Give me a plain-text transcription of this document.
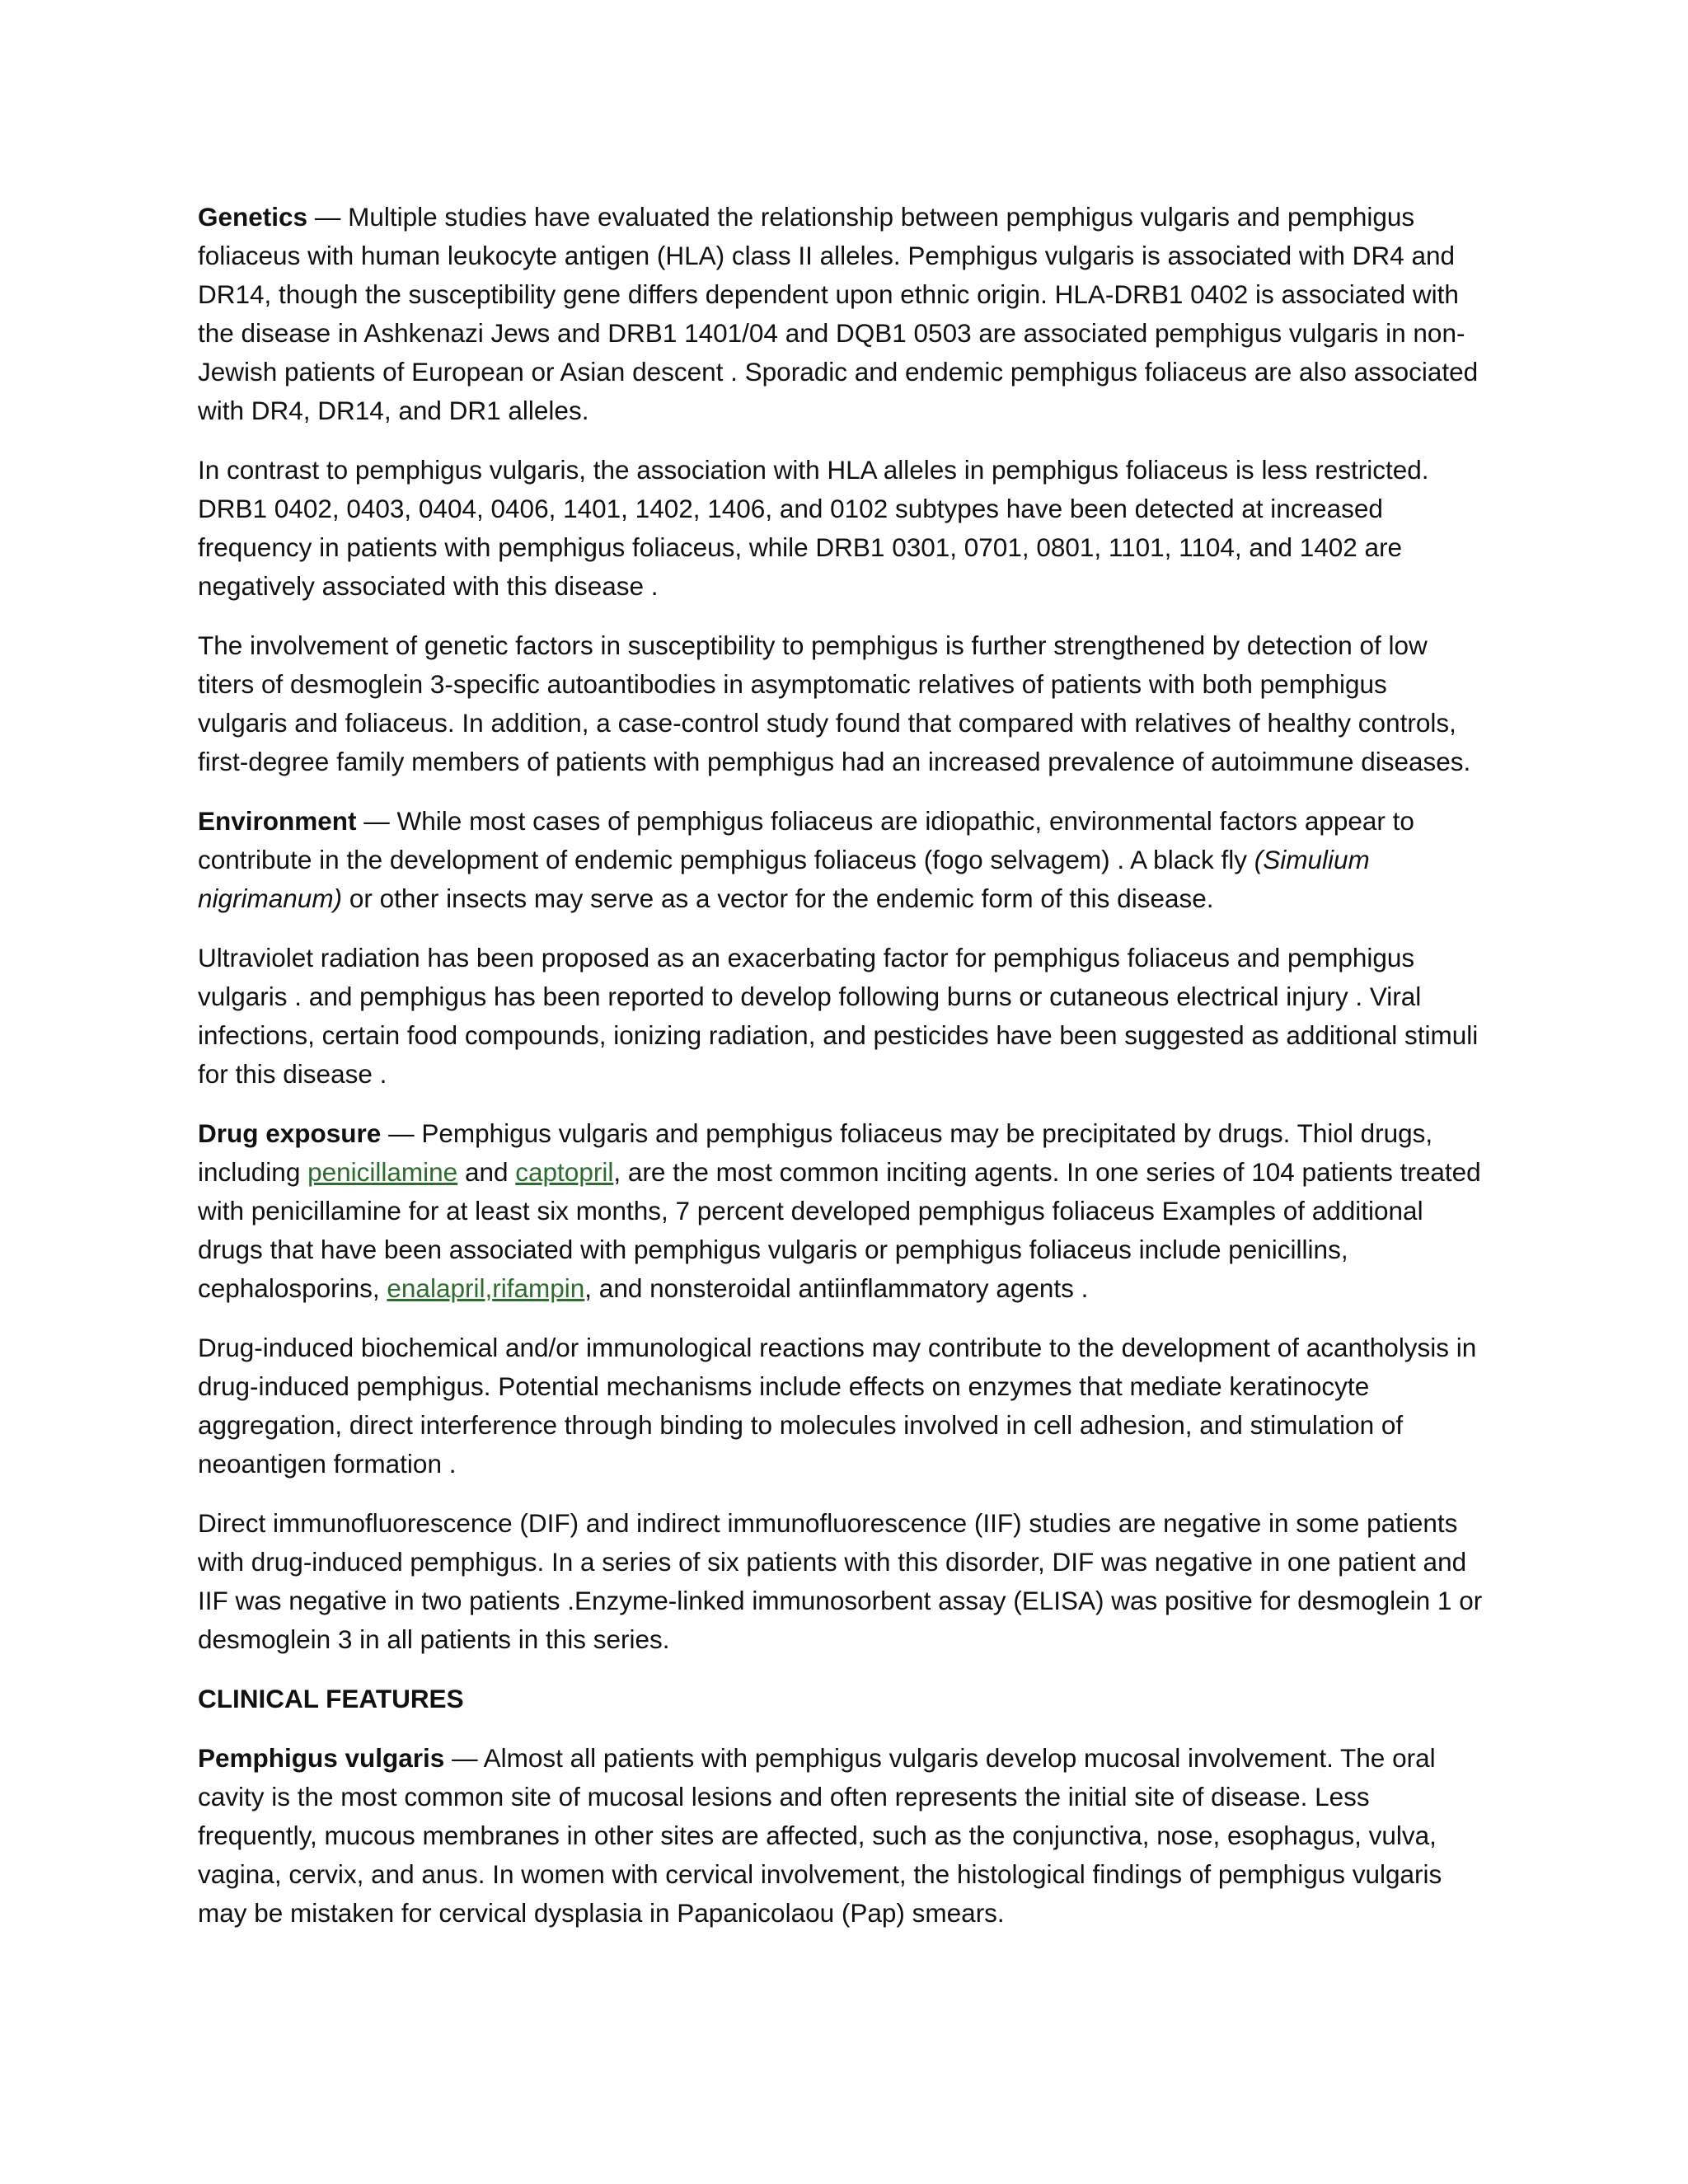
Genetics — Multiple studies have evaluated the relationship between pemphigus vulgaris and pemphigus foliaceus with human leukocyte antigen (HLA) class II alleles. Pemphigus vulgaris is associated with DR4 and DR14, though the susceptibility gene differs dependent upon ethnic origin. HLA-DRB1 0402 is associated with the disease in Ashkenazi Jews and DRB1 1401/04 and DQB1 0503 are associated pemphigus vulgaris in non-Jewish patients of European or Asian descent . Sporadic and endemic pemphigus foliaceus are also associated with DR4, DR14, and DR1 alleles.

In contrast to pemphigus vulgaris, the association with HLA alleles in pemphigus foliaceus is less restricted. DRB1 0402, 0403, 0404, 0406, 1401, 1402, 1406, and 0102 subtypes have been detected at increased frequency in patients with pemphigus foliaceus, while DRB1 0301, 0701, 0801, 1101, 1104, and 1402 are negatively associated with this disease .

The involvement of genetic factors in susceptibility to pemphigus is further strengthened by detection of low titers of desmoglein 3-specific autoantibodies in asymptomatic relatives of patients with both pemphigus vulgaris and foliaceus. In addition, a case-control study found that compared with relatives of healthy controls, first-degree family members of patients with pemphigus had an increased prevalence of autoimmune diseases.

Environment — While most cases of pemphigus foliaceus are idiopathic, environmental factors appear to contribute in the development of endemic pemphigus foliaceus (fogo selvagem) . A black fly (Simulium nigrimanum) or other insects may serve as a vector for the endemic form of this disease.

Ultraviolet radiation has been proposed as an exacerbating factor for pemphigus foliaceus and pemphigus vulgaris . and pemphigus has been reported to develop following burns or cutaneous electrical injury . Viral infections, certain food compounds, ionizing radiation, and pesticides have been suggested as additional stimuli for this disease .

Drug exposure — Pemphigus vulgaris and pemphigus foliaceus may be precipitated by drugs. Thiol drugs, including penicillamine and captopril, are the most common inciting agents. In one series of 104 patients treated with penicillamine for at least six months, 7 percent developed pemphigus foliaceus Examples of additional drugs that have been associated with pemphigus vulgaris or pemphigus foliaceus include penicillins, cephalosporins, enalapril,rifampin, and nonsteroidal antiinflammatory agents .

Drug-induced biochemical and/or immunological reactions may contribute to the development of acantholysis in drug-induced pemphigus. Potential mechanisms include effects on enzymes that mediate keratinocyte aggregation, direct interference through binding to molecules involved in cell adhesion, and stimulation of neoantigen formation .

Direct immunofluorescence (DIF) and indirect immunofluorescence (IIF) studies are negative in some patients with drug-induced pemphigus. In a series of six patients with this disorder, DIF was negative in one patient and IIF was negative in two patients .Enzyme-linked immunosorbent assay (ELISA) was positive for desmoglein 1 or desmoglein 3 in all patients in this series.

CLINICAL FEATURES

Pemphigus vulgaris — Almost all patients with pemphigus vulgaris develop mucosal involvement. The oral cavity is the most common site of mucosal lesions and often represents the initial site of disease. Less frequently, mucous membranes in other sites are affected, such as the conjunctiva, nose, esophagus, vulva, vagina, cervix, and anus. In women with cervical involvement, the histological findings of pemphigus vulgaris may be mistaken for cervical dysplasia in Papanicolaou (Pap) smears.
